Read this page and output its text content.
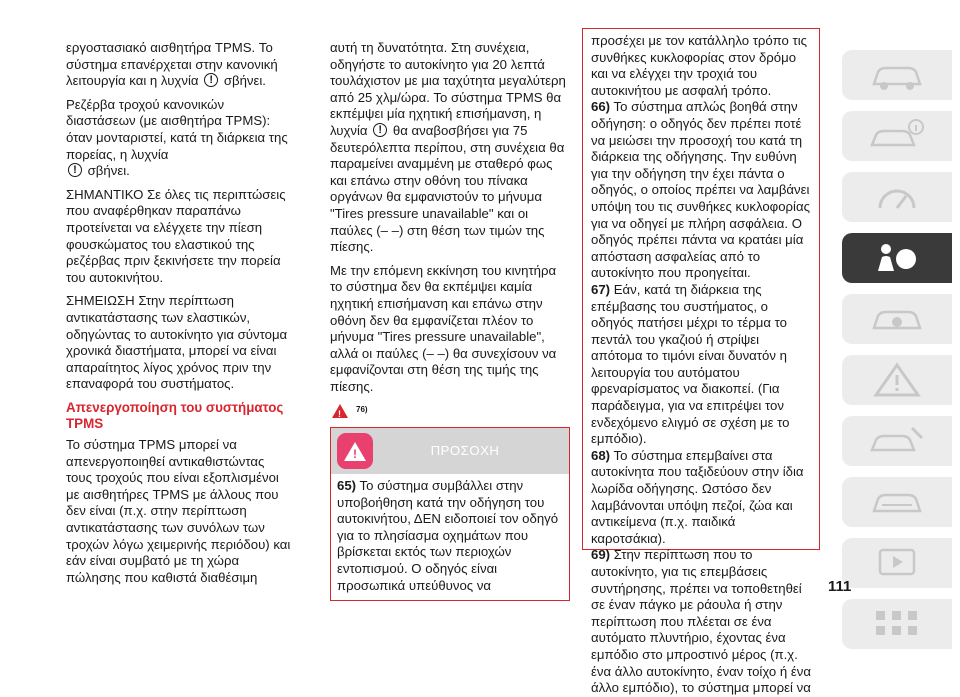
εργοστασιακό αισθητήρα TPMS. Το σύστημα επανέρχεται στην κανονική λειτουργία και η λυχνία ! σβήνει.

Ρεζέρβα τροχού κανονικών διαστάσεων (με αισθητήρα TPMS): όταν μονταριστεί, κατά τη διάρκεια της πορείας, η λυχνία
! σβήνει.

ΣΗΜΑΝΤΙΚΟ Σε όλες τις περιπτώσεις που αναφέρθηκαν παραπάνω προτείνεται να ελέγχετε την πίεση φουσκώματος του ελαστικού της ρεζέρβας πριν ξεκινήσετε την πορεία του αυτοκινήτου.

ΣΗΜΕΙΩΣΗ Στην περίπτωση αντικατάστασης των ελαστικών, οδηγώντας το αυτοκίνητο για σύντομα χρονικά διαστήματα, μπορεί να είναι απαραίτητος λίγος χρόνος πριν την επαναφορά του συστήματος.

Απενεργοποίηση του συστήματος TPMS

Το σύστημα TPMS μπορεί να απενεργοποιηθεί αντικαθιστώντας τους τροχούς που είναι εξοπλισμένοι με αισθητήρες TPMS με άλλους που δεν είναι (π.χ. στην περίπτωση αντικατάστασης των συνόλων των τροχών λόγω χειμερινής περιόδου) και εάν είναι συμβατό με τη χώρα πώλησης που καθιστά διαθέσιμη

αυτή τη δυνατότητα. Στη συνέχεια, οδηγήστε το αυτοκίνητο για 20 λεπτά τουλάχιστον με μια ταχύτητα μεγαλύτερη από 25 χλμ/ώρα. Το σύστημα TPMS θα εκπέμψει μία ηχητική επισήμανση, η λυχνία ! θα αναβοσβήσει για 75 δευτερόλεπτα περίπου, στη συνέχεια θα παραμείνει αναμμένη με σταθερό φως και επάνω στην οθόνη του πίνακα οργάνων θα εμφανιστούν το μήνυμα "Tires pressure unavailable" και οι παύλες (– –) στη θέση των τιμών της πίεσης.

Με την επόμενη εκκίνηση του κινητήρα το σύστημα δεν θα εκπέμψει καμία ηχητική επισήμανση και επάνω στην οθόνη δεν θα εμφανίζεται πλέον το μήνυμα "Tires pressure unavailable", αλλά οι παύλες (– –) θα συνεχίσουν να εμφανίζονται στη θέση της τιμής της πίεσης.

!
76)
!
ΠΡΟΣΟΧΗ
65) Το σύστημα συμβάλλει στην υποβοήθηση κατά την οδήγηση του αυτοκινήτου, ΔΕΝ ειδοποιεί τον οδηγό για το πλησίασμα οχημάτων που βρίσκεται εκτός των περιοχών εντοπισμού. Ο οδηγός είναι προσωπικά υπεύθυνος να

προσέχει με τον κατάλληλο τρόπο τις συνθήκες κυκλοφορίας στον δρόμο και να ελέγχει την τροχιά του αυτοκινήτου με ασφαλή τρόπο.

66) Το σύστημα απλώς βοηθά στην οδήγηση: ο οδηγός δεν πρέπει ποτέ να μειώσει την προσοχή του κατά τη διάρκεια της οδήγησης. Την ευθύνη για την οδήγηση την έχει πάντα ο οδηγός, ο οποίος πρέπει να λαμβάνει υπόψη του τις συνθήκες κυκλοφορίας για να οδηγεί με πλήρη ασφάλεια. Ο οδηγός πρέπει πάντα να κρατάει μία απόσταση ασφαλείας από το αυτοκίνητο που προηγείται.

67) Εάν, κατά τη διάρκεια της επέμβασης του συστήματος, ο οδηγός πατήσει μέχρι το τέρμα το πεντάλ του γκαζιού ή στρίψει απότομα το τιμόνι είναι δυνατόν η λειτουργία του αυτόματου φρεναρίσματος να διακοπεί. (Για παράδειγμα, για να επιτρέψει τον ενδεχόμενο ελιγμό σε σχέση με το εμπόδιο).

68) Το σύστημα επεμβαίνει στα αυτοκίνητα που ταξιδεύουν στην ίδια λωρίδα οδήγησης. Ωστόσο δεν λαμβάνονται υπόψη πεζοί, ζώα και αντικείμενα (π.χ. παιδικά καροτσάκια).

69) Στην περίπτωση που το αυτοκίνητο, για τις επεμβάσεις συντήρησης, πρέπει να τοποθετηθεί σε έναν πάγκο με ράουλα ή στην περίπτωση που πλέεται σε ένα αυτόματο πλυντήριο, έχοντας ένα εμπόδιο στο μπροστινό μέρος (π.χ. ένα άλλο αυτοκίνητο, έναν τοίχο ή ένα άλλο εμπόδιο), το σύστημα μπορεί να

111
